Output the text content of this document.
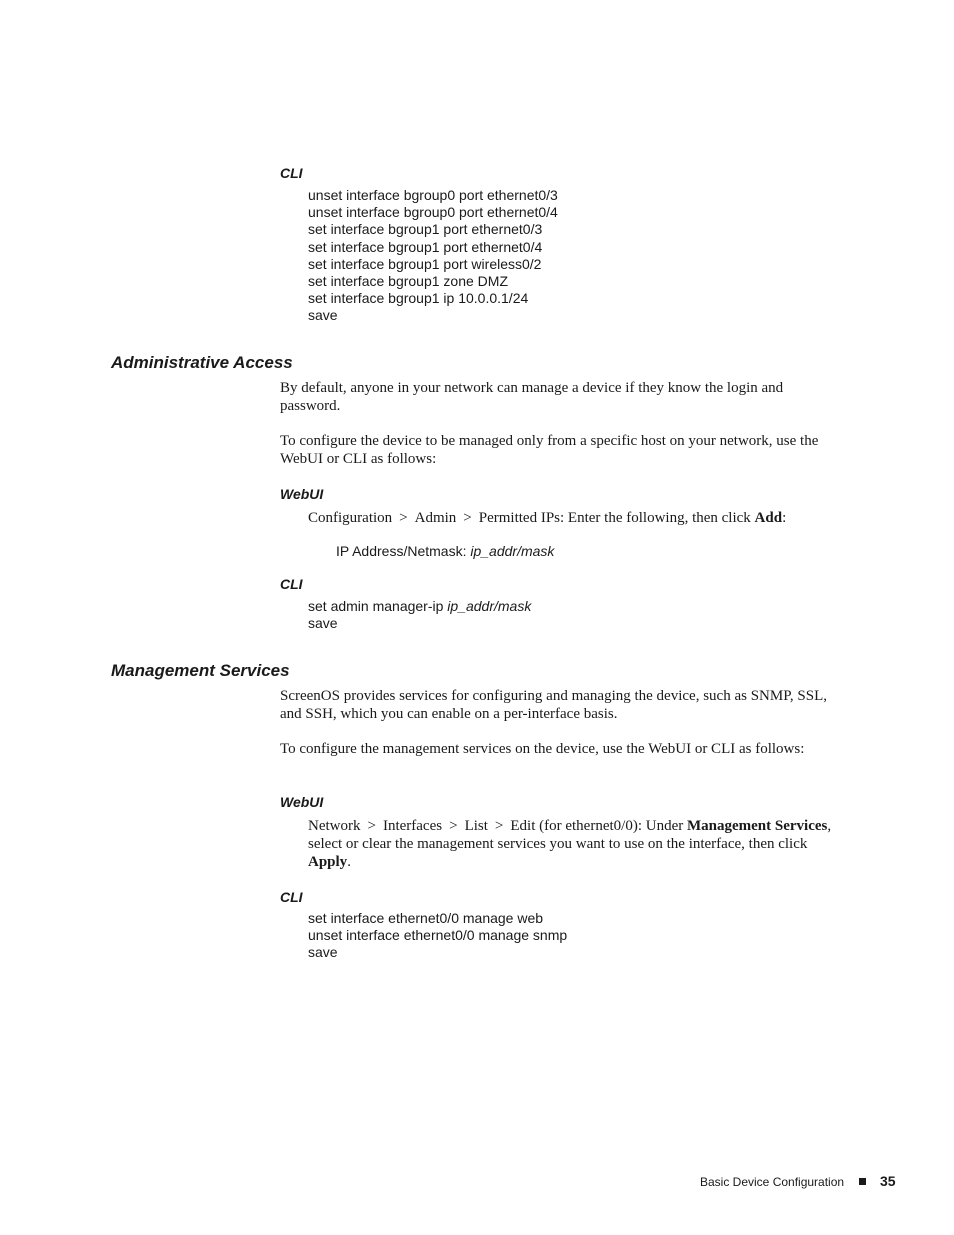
CLI
unset interface bgroup0 port ethernet0/3
unset interface bgroup0 port ethernet0/4
set interface bgroup1 port ethernet0/3
set interface bgroup1 port ethernet0/4
set interface bgroup1 port wireless0/2
set interface bgroup1 zone DMZ
set interface bgroup1 ip 10.0.0.1/24
save
Administrative Access

By default, anyone in your network can manage a device if they know the login and password.

To configure the device to be managed only from a specific host on your network, use the WebUI or CLI as follows:

WebUI

Configuration > Admin > Permitted IPs: Enter the following, then click Add:

IP Address/Netmask: ip_addr/mask
CLI
set admin manager-ip ip_addr/mask
save
Management Services

ScreenOS provides services for configuring and managing the device, such as SNMP, SSL, and SSH, which you can enable on a per-interface basis.

To configure the management services on the device, use the WebUI or CLI as follows:

WebUI

Network > Interfaces > List > Edit (for ethernet0/0): Under Management Services, select or clear the management services you want to use on the interface, then click Apply.

CLI
set interface ethernet0/0 manage web
unset interface ethernet0/0 manage snmp
save
Basic Device Configuration	35
